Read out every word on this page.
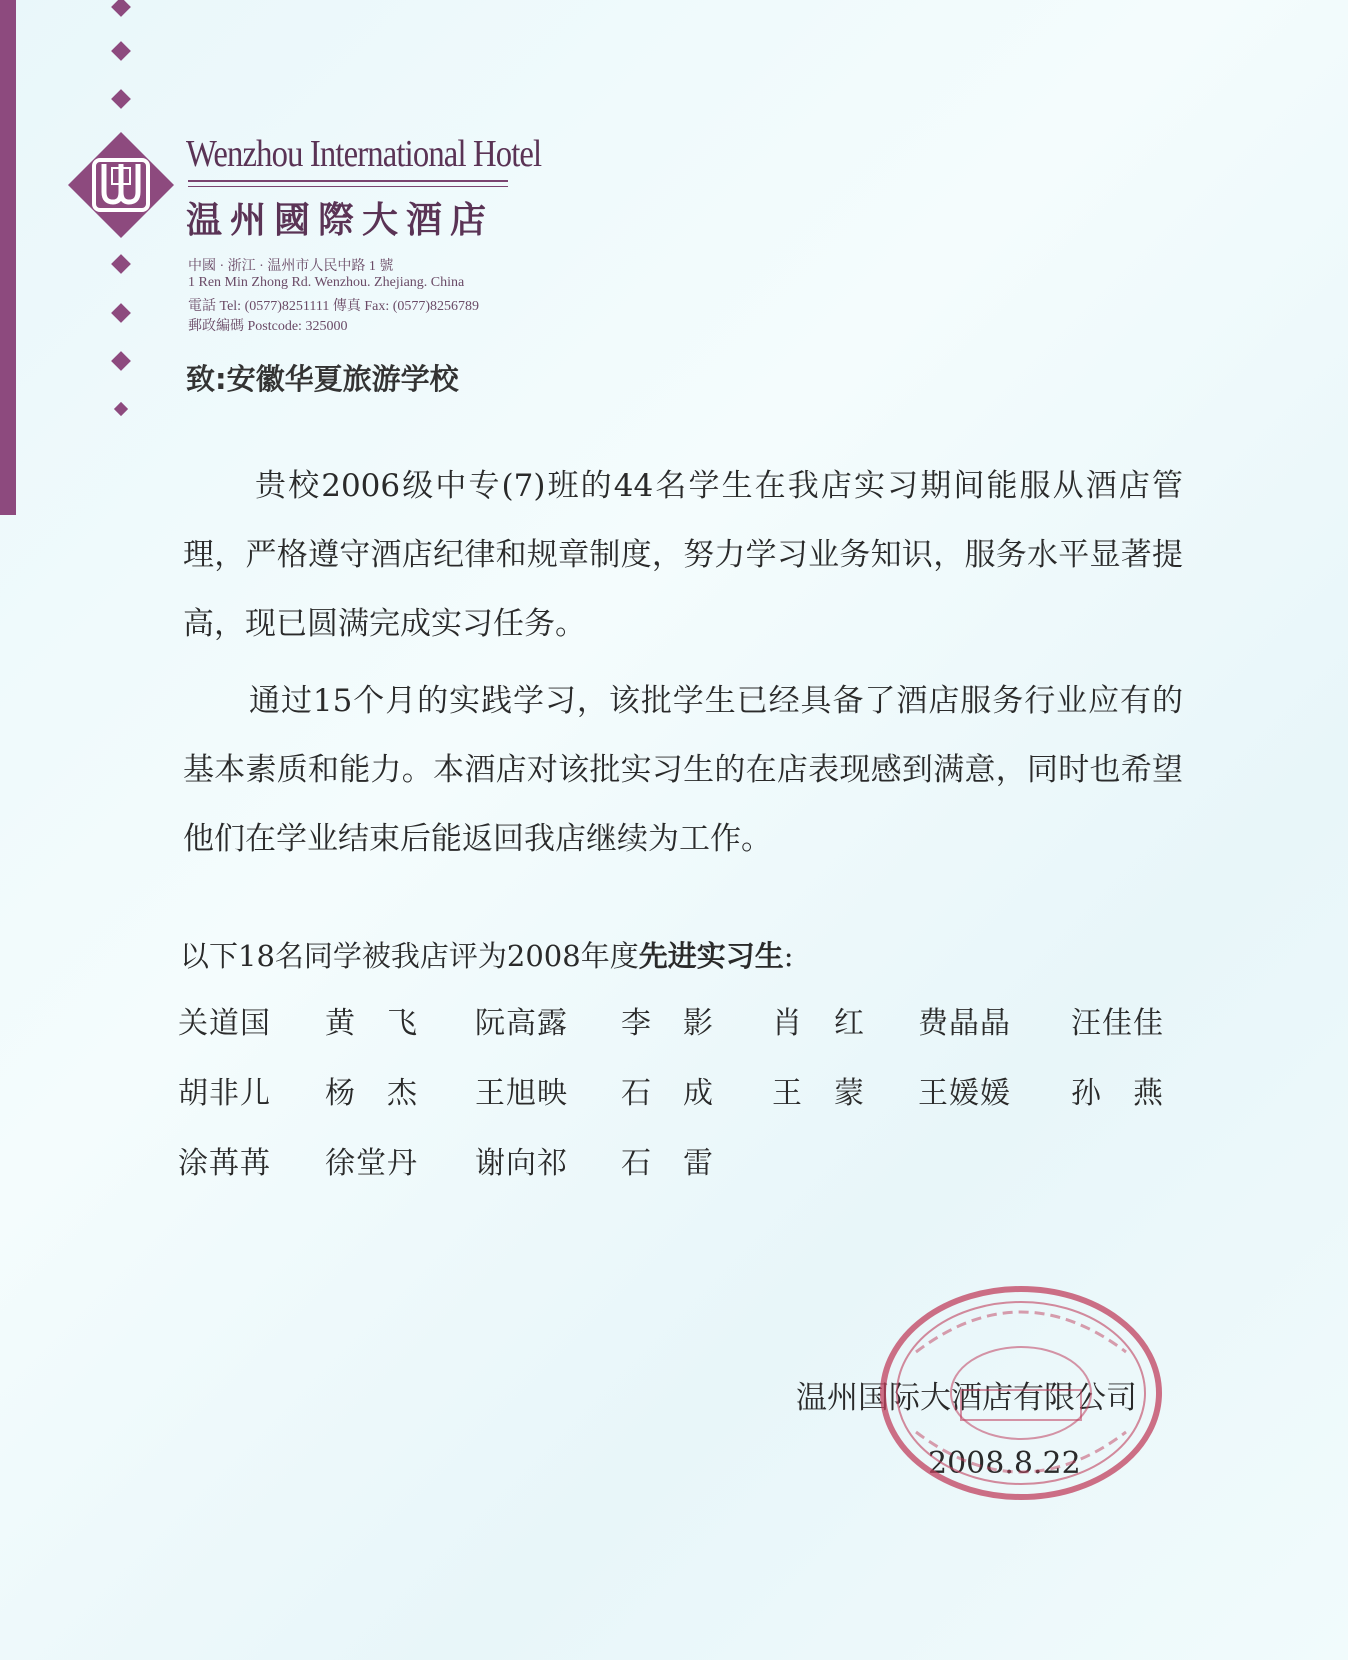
Wenzhou International Hotel
温州國際大酒店
中國 · 浙江 · 温州市人民中路 1 號
1 Ren Min Zhong Rd. Wenzhou. Zhejiang. China
電話 Tel: (0577)8251111 傳真 Fax: (0577)8256789
郵政編碼 Postcode: 325000
致:安徽华夏旅游学校
贵校2006级中专(7)班的44名学生在我店实习期间能服从酒店管理，严格遵守酒店纪律和规章制度，努力学习业务知识，服务水平显著提高，现已圆满完成实习任务。
通过15个月的实践学习，该批学生已经具备了酒店服务行业应有的基本素质和能力。本酒店对该批实习生的在店表现感到满意，同时也希望他们在学业结束后能返回我店继续为工作。
以下18名同学被我店评为2008年度先进实习生:
关道国 黄　飞 阮高露 李　影 肖　红 费晶晶 汪佳佳
胡非儿 杨　杰 王旭映 石　成 王　蒙 王媛媛 孙　燕
涂苒苒 徐堂丹 谢向祁 石　雷
温州国际大酒店有限公司
2008.8.22
